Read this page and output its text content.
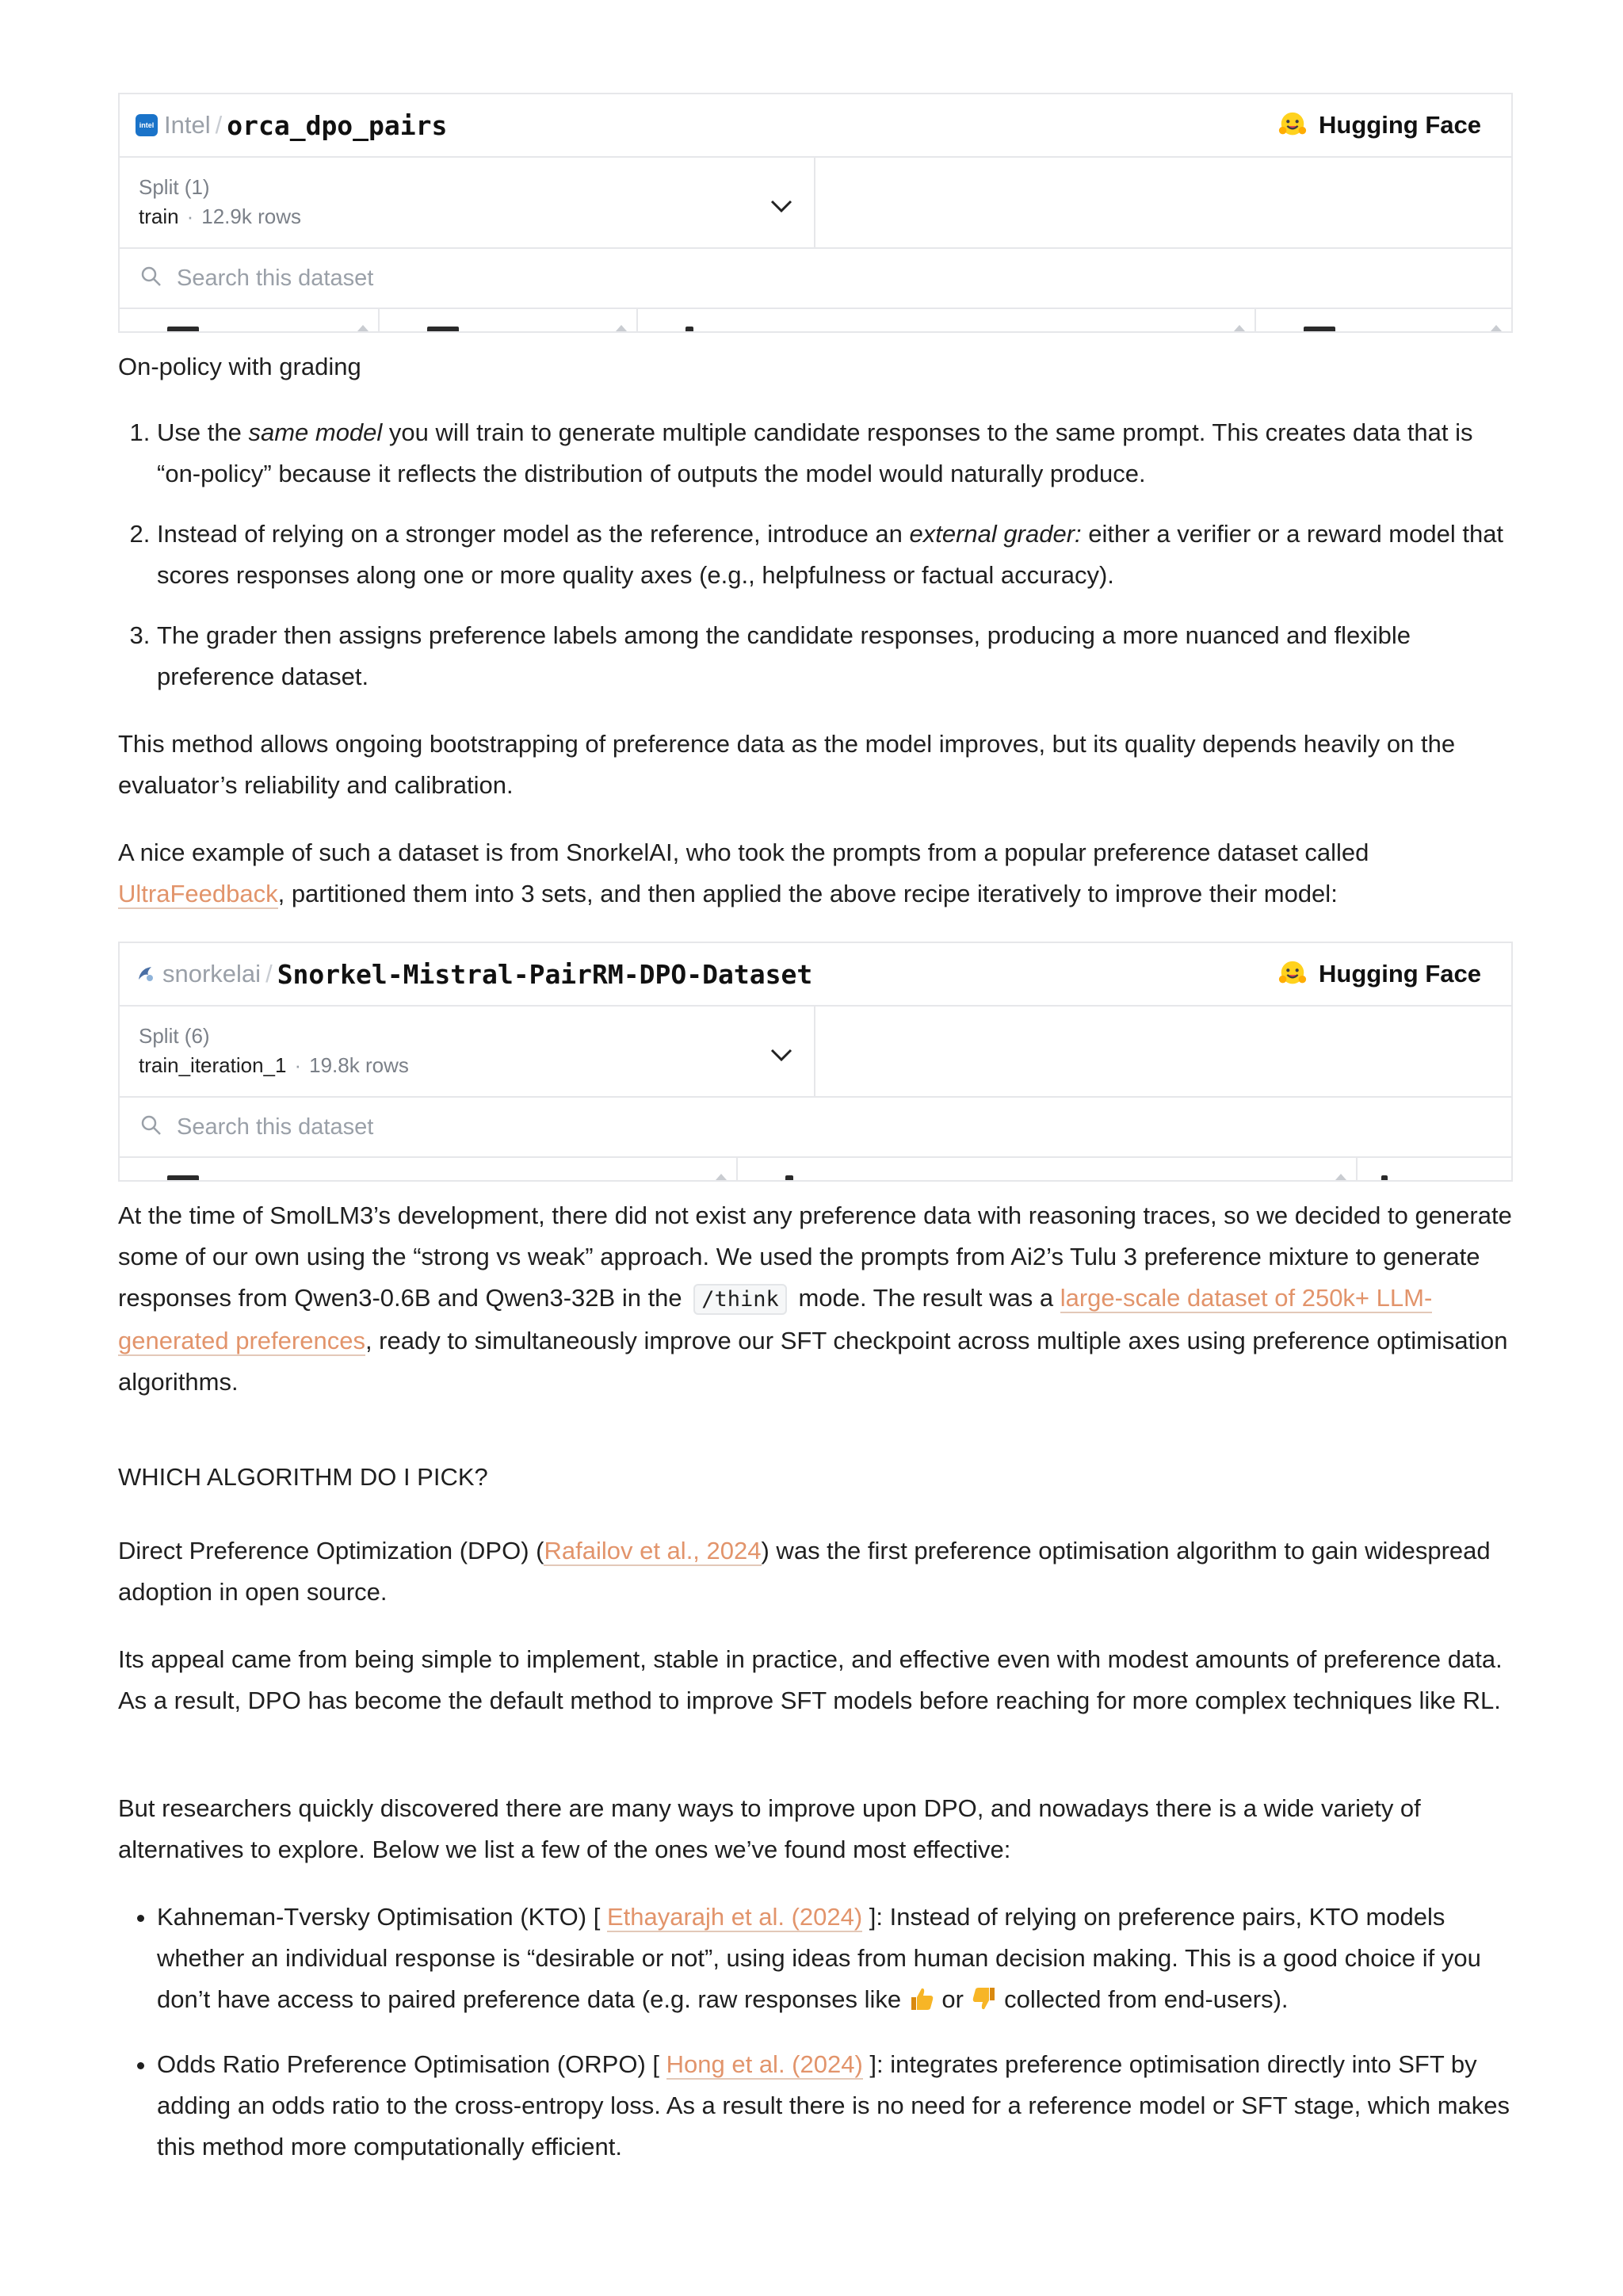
intel Intel / orca_dpo_pairs	Hugging Face
Split (1)
train · 12.9k rows
Search this dataset
On-policy with grading
1. Use the same model you will train to generate multiple candidate responses to the same prompt. This creates data that is “on-policy” because it reflects the distribution of outputs the model would naturally produce.
2. Instead of relying on a stronger model as the reference, introduce an external grader: either a verifier or a reward model that scores responses along one or more quality axes (e.g., helpfulness or factual accuracy).
3. The grader then assigns preference labels among the candidate responses, producing a more nuanced and flexible preference dataset.
This method allows ongoing bootstrapping of preference data as the model improves, but its quality depends heavily on the evaluator’s reliability and calibration.
A nice example of such a dataset is from SnorkelAI, who took the prompts from a popular preference dataset called UltraFeedback, partitioned them into 3 sets, and then applied the above recipe iteratively to improve their model:
snorkelai / Snorkel-Mistral-PairRM-DPO-Dataset	Hugging Face
Split (6)
train_iteration_1 · 19.8k rows
Search this dataset
At the time of SmolLM3’s development, there did not exist any preference data with reasoning traces, so we decided to generate some of our own using the “strong vs weak” approach. We used the prompts from Ai2’s Tulu 3 preference mixture to generate responses from Qwen3-0.6B and Qwen3-32B in the /think mode. The result was a large-scale dataset of 250k+ LLM-generated preferences, ready to simultaneously improve our SFT checkpoint across multiple axes using preference optimisation algorithms.
WHICH ALGORITHM DO I PICK?
Direct Preference Optimization (DPO) (Rafailov et al., 2024) was the first preference optimisation algorithm to gain widespread adoption in open source.
Its appeal came from being simple to implement, stable in practice, and effective even with modest amounts of preference data. As a result, DPO has become the default method to improve SFT models before reaching for more complex techniques like RL.
But researchers quickly discovered there are many ways to improve upon DPO, and nowadays there is a wide variety of alternatives to explore. Below we list a few of the ones we’ve found most effective:
• Kahneman-Tversky Optimisation (KTO) [ Ethayarajh et al. (2024) ]: Instead of relying on preference pairs, KTO models whether an individual response is “desirable or not”, using ideas from human decision making. This is a good choice if you don’t have access to paired preference data (e.g. raw responses like  or  collected from end-users).
• Odds Ratio Preference Optimisation (ORPO) [ Hong et al. (2024) ]: integrates preference optimisation directly into SFT by adding an odds ratio to the cross-entropy loss. As a result there is no need for a reference model or SFT stage, which makes this method more computationally efficient.
